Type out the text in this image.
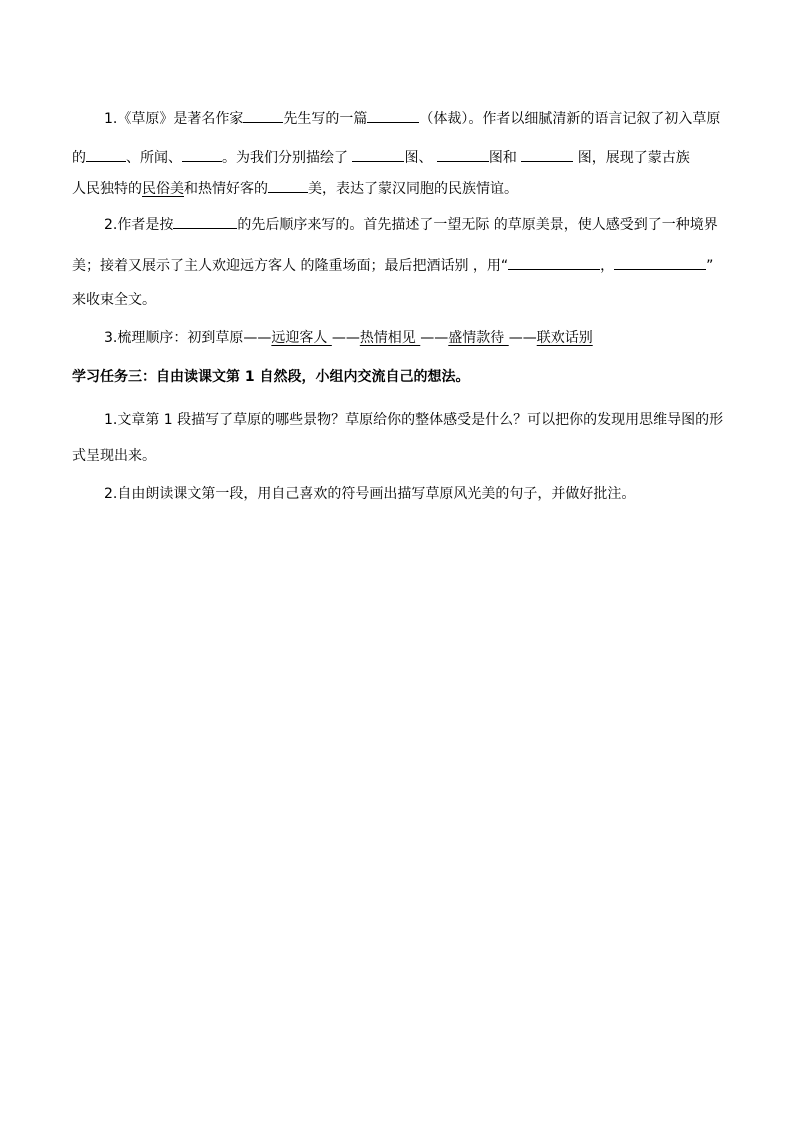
1.《草原》是著名作家	先生写的一篇	（体裁）。作者以细腻清新的语言记叙了初入草原
的	、所闻、	。为我们分别描绘了	图、	图和	图，展现了蒙古族
人民独特的民俗美和热情好客的	美，表达了蒙汉同胞的民族情谊。
2.作者是按	的先后顺序来写的。首先描述了一望无际 的草原美景，使人感受到了一种境界
美；接着又展示了主人欢迎远方客人 的隆重场面；最后把酒话别 ，用“	，	”
来收束全文。
3.梳理顺序：初到草原——远迎客人 ——热情相见 ——盛情款待 ——联欢话别
学习任务三：自由读课文第 1 自然段，小组内交流自己的想法。
1.文章第 1 段描写了草原的哪些景物？草原给你的整体感受是什么？可以把你的发现用思维导图的形
式呈现出来。
2.自由朗读课文第一段，用自己喜欢的符号画出描写草原风光美的句子，并做好批注。
